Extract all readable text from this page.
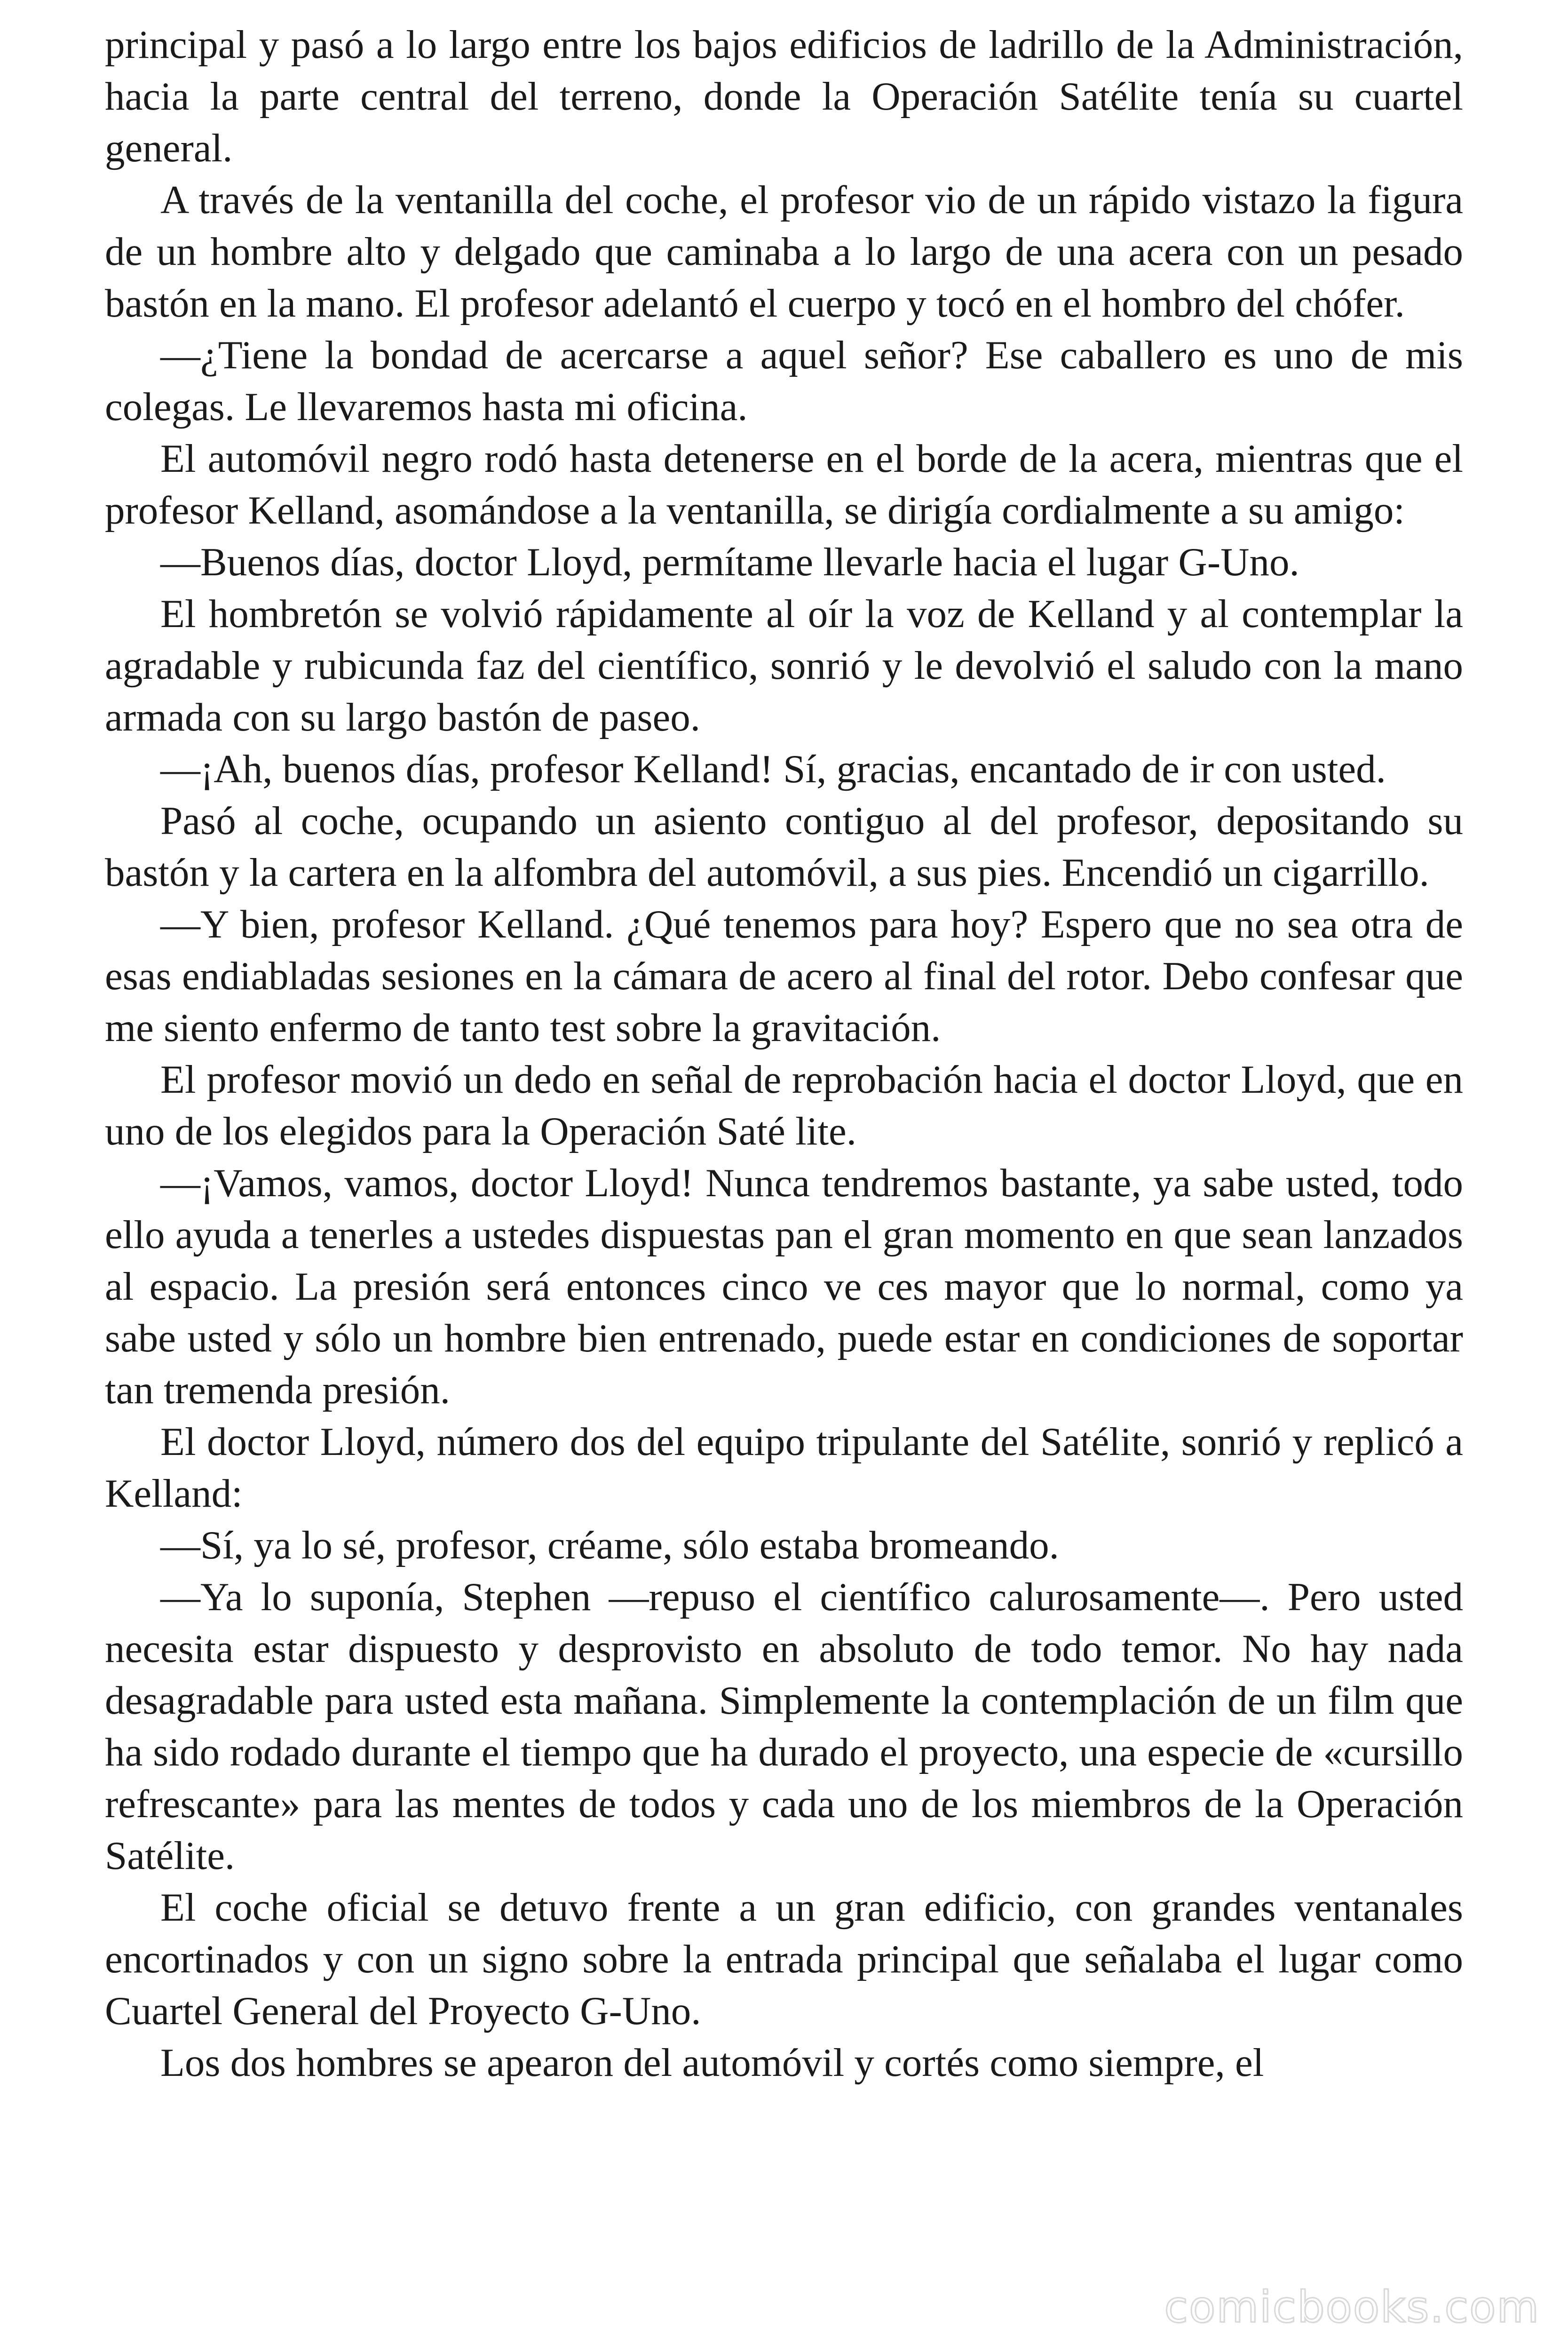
principal y pasó a lo largo entre los bajos edificios de ladrillo de la Administración, hacia la parte central del terreno, donde la Operación Satélite tenía su cuartel general.

A través de la ventanilla del coche, el profesor vio de un rápido vistazo la figura de un hombre alto y delgado que caminaba a lo largo de una acera con un pesado bastón en la mano. El profesor adelantó el cuerpo y tocó en el hombro del chófer.

—¿Tiene la bondad de acercarse a aquel señor? Ese caballero es uno de mis colegas. Le llevaremos hasta mi oficina.

El automóvil negro rodó hasta detenerse en el borde de la acera, mientras que el profesor Kelland, asomándose a la ventanilla, se dirigía cordialmente a su amigo:

—Buenos días, doctor Lloyd, permítame llevarle hacia el lugar G-Uno.

El hombretón se volvió rápidamente al oír la voz de Kelland y al contemplar la agradable y rubicunda faz del científico, sonrió y le devolvió el saludo con la mano armada con su largo bastón de paseo.

—¡Ah, buenos días, profesor Kelland! Sí, gracias, encantado de ir con usted.

Pasó al coche, ocupando un asiento contiguo al del profesor, depositando su bastón y la cartera en la alfombra del automóvil, a sus pies. Encendió un cigarrillo.

—Y bien, profesor Kelland. ¿Qué tenemos para hoy? Espero que no sea otra de esas endiabladas sesiones en la cámara de acero al final del rotor. Debo confesar que me siento enfermo de tanto test sobre la gravitación.

El profesor movió un dedo en señal de reprobación hacia el doctor Lloyd, que en uno de los elegidos para la Operación Saté lite.

—¡Vamos, vamos, doctor Lloyd! Nunca tendremos bastante, ya sabe usted, todo ello ayuda a tenerles a ustedes dispuestas pan el gran momento en que sean lanzados al espacio. La presión será entonces cinco ve ces mayor que lo normal, como ya sabe usted y sólo un hombre bien entrenado, puede estar en condiciones de soportar tan tremenda presión.

El doctor Lloyd, número dos del equipo tripulante del Satélite, sonrió y replicó a Kelland:

—Sí, ya lo sé, profesor, créame, sólo estaba bromeando.

—Ya lo suponía, Stephen —repuso el científico calurosamente—. Pero usted necesita estar dispuesto y desprovisto en absoluto de todo temor. No hay nada desagradable para usted esta mañana. Simplemente la contemplación de un film que ha sido rodado durante el tiempo que ha durado el proyecto, una especie de «cursillo refrescante» para las mentes de todos y cada uno de los miembros de la Operación Satélite.

El coche oficial se detuvo frente a un gran edificio, con grandes ventanales encortinados y con un signo sobre la entrada principal que señalaba el lugar como Cuartel General del Proyecto G-Uno.

Los dos hombres se apearon del automóvil y cortés como siempre, el

comicbooks.com
